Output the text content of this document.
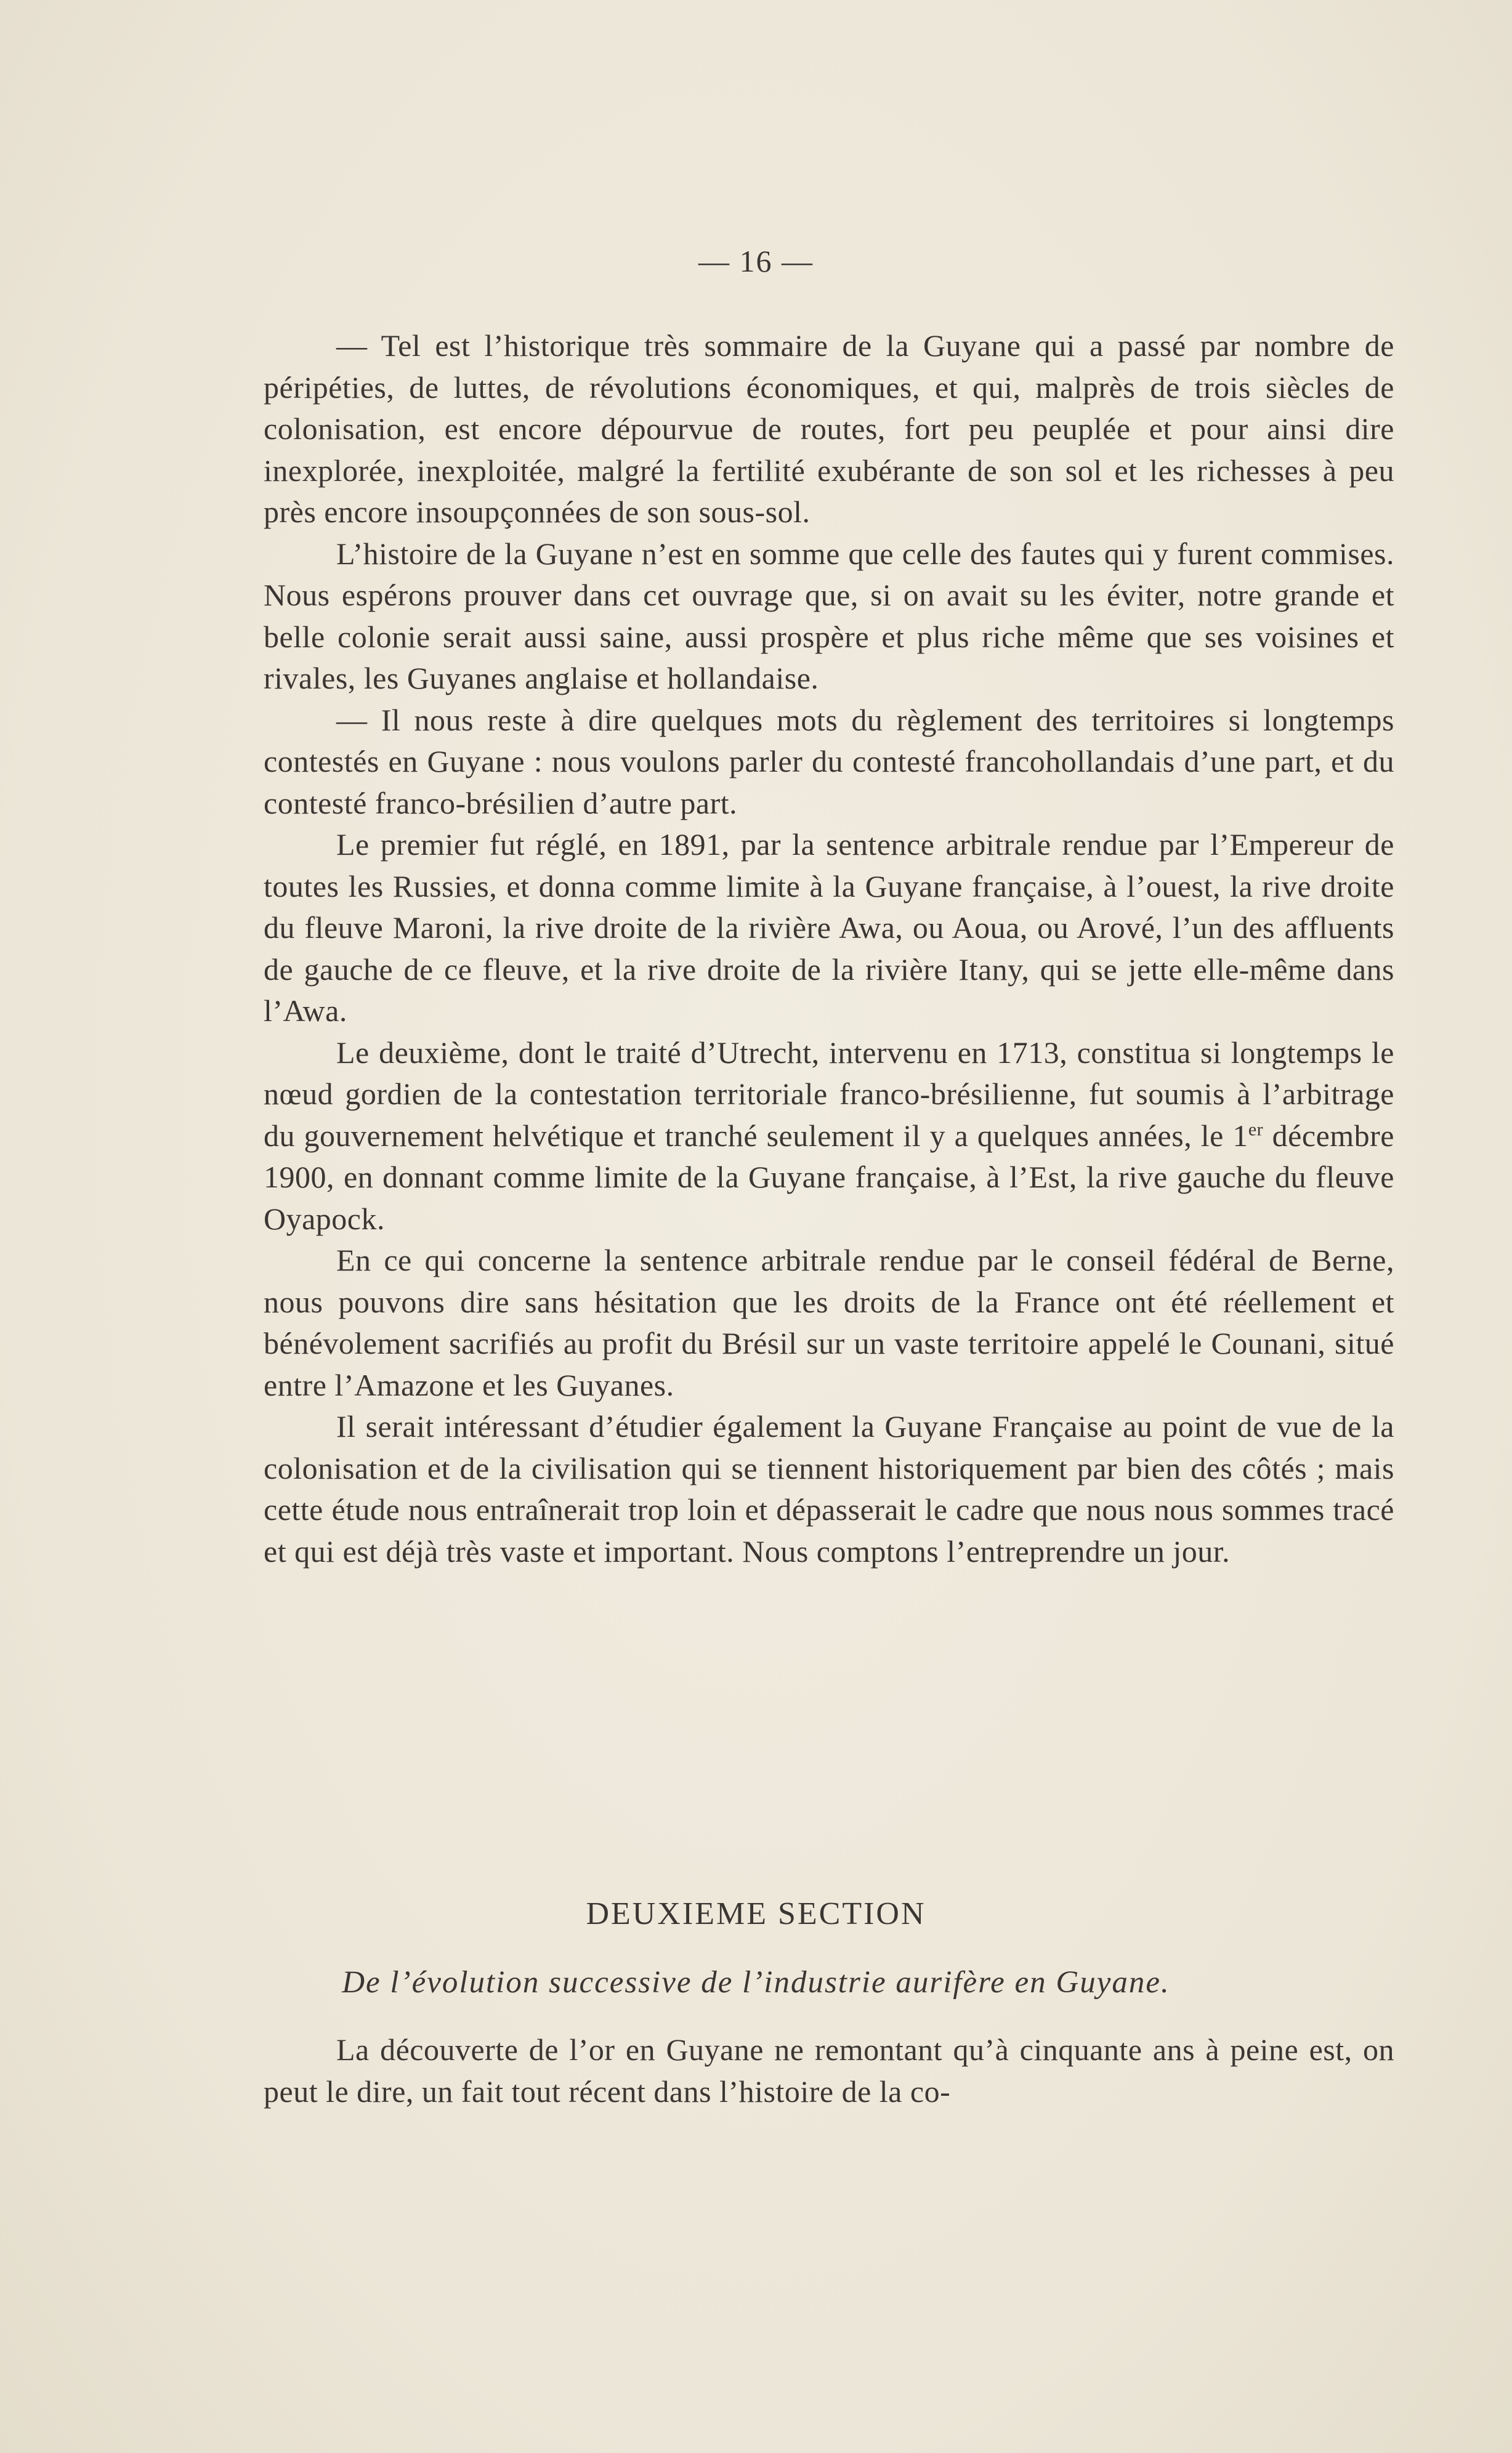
— 16 —

— Tel est l’historique très sommaire de la Guyane qui a passé par nombre de péripéties, de luttes, de révolutions économiques, et qui, malprès de trois siècles de colonisation, est encore dépourvue de routes, fort peu peuplée et pour ainsi dire inexplorée, inexploitée, malgré la fertilité exubérante de son sol et les richesses à peu près encore insoupçonnées de son sous-sol.

L’histoire de la Guyane n’est en somme que celle des fautes qui y furent commises. Nous espérons prouver dans cet ouvrage que, si on avait su les éviter, notre grande et belle colonie serait aussi saine, aussi prospère et plus riche même que ses voisines et rivales, les Guyanes anglaise et hollandaise.

— Il nous reste à dire quelques mots du règlement des territoires si longtemps contestés en Guyane : nous voulons parler du contesté francohollandais d’une part, et du contesté franco-brésilien d’autre part.

Le premier fut réglé, en 1891, par la sentence arbitrale rendue par l’Empereur de toutes les Russies, et donna comme limite à la Guyane française, à l’ouest, la rive droite du fleuve Maroni, la rive droite de la rivière Awa, ou Aoua, ou Arové, l’un des affluents de gauche de ce fleuve, et la rive droite de la rivière Itany, qui se jette elle-même dans l’Awa.

Le deuxième, dont le traité d’Utrecht, intervenu en 1713, constitua si longtemps le nœud gordien de la contestation territoriale franco-brésilienne, fut soumis à l’arbitrage du gouvernement helvétique et tranché seulement il y a quelques années, le 1er décembre 1900, en donnant comme limite de la Guyane française, à l’Est, la rive gauche du fleuve Oyapock.

En ce qui concerne la sentence arbitrale rendue par le conseil fédéral de Berne, nous pouvons dire sans hésitation que les droits de la France ont été réellement et bénévolement sacrifiés au profit du Brésil sur un vaste territoire appelé le Counani, situé entre l’Amazone et les Guyanes.

Il serait intéressant d’étudier également la Guyane Française au point de vue de la colonisation et de la civilisation qui se tiennent historiquement par bien des côtés ; mais cette étude nous entraînerait trop loin et dépasserait le cadre que nous nous sommes tracé et qui est déjà très vaste et important. Nous comptons l’entreprendre un jour.

DEUXIEME SECTION
De l’évolution successive de l’industrie aurifère en Guyane.

La découverte de l’or en Guyane ne remontant qu’à cinquante ans à peine est, on peut le dire, un fait tout récent dans l’histoire de la co-
